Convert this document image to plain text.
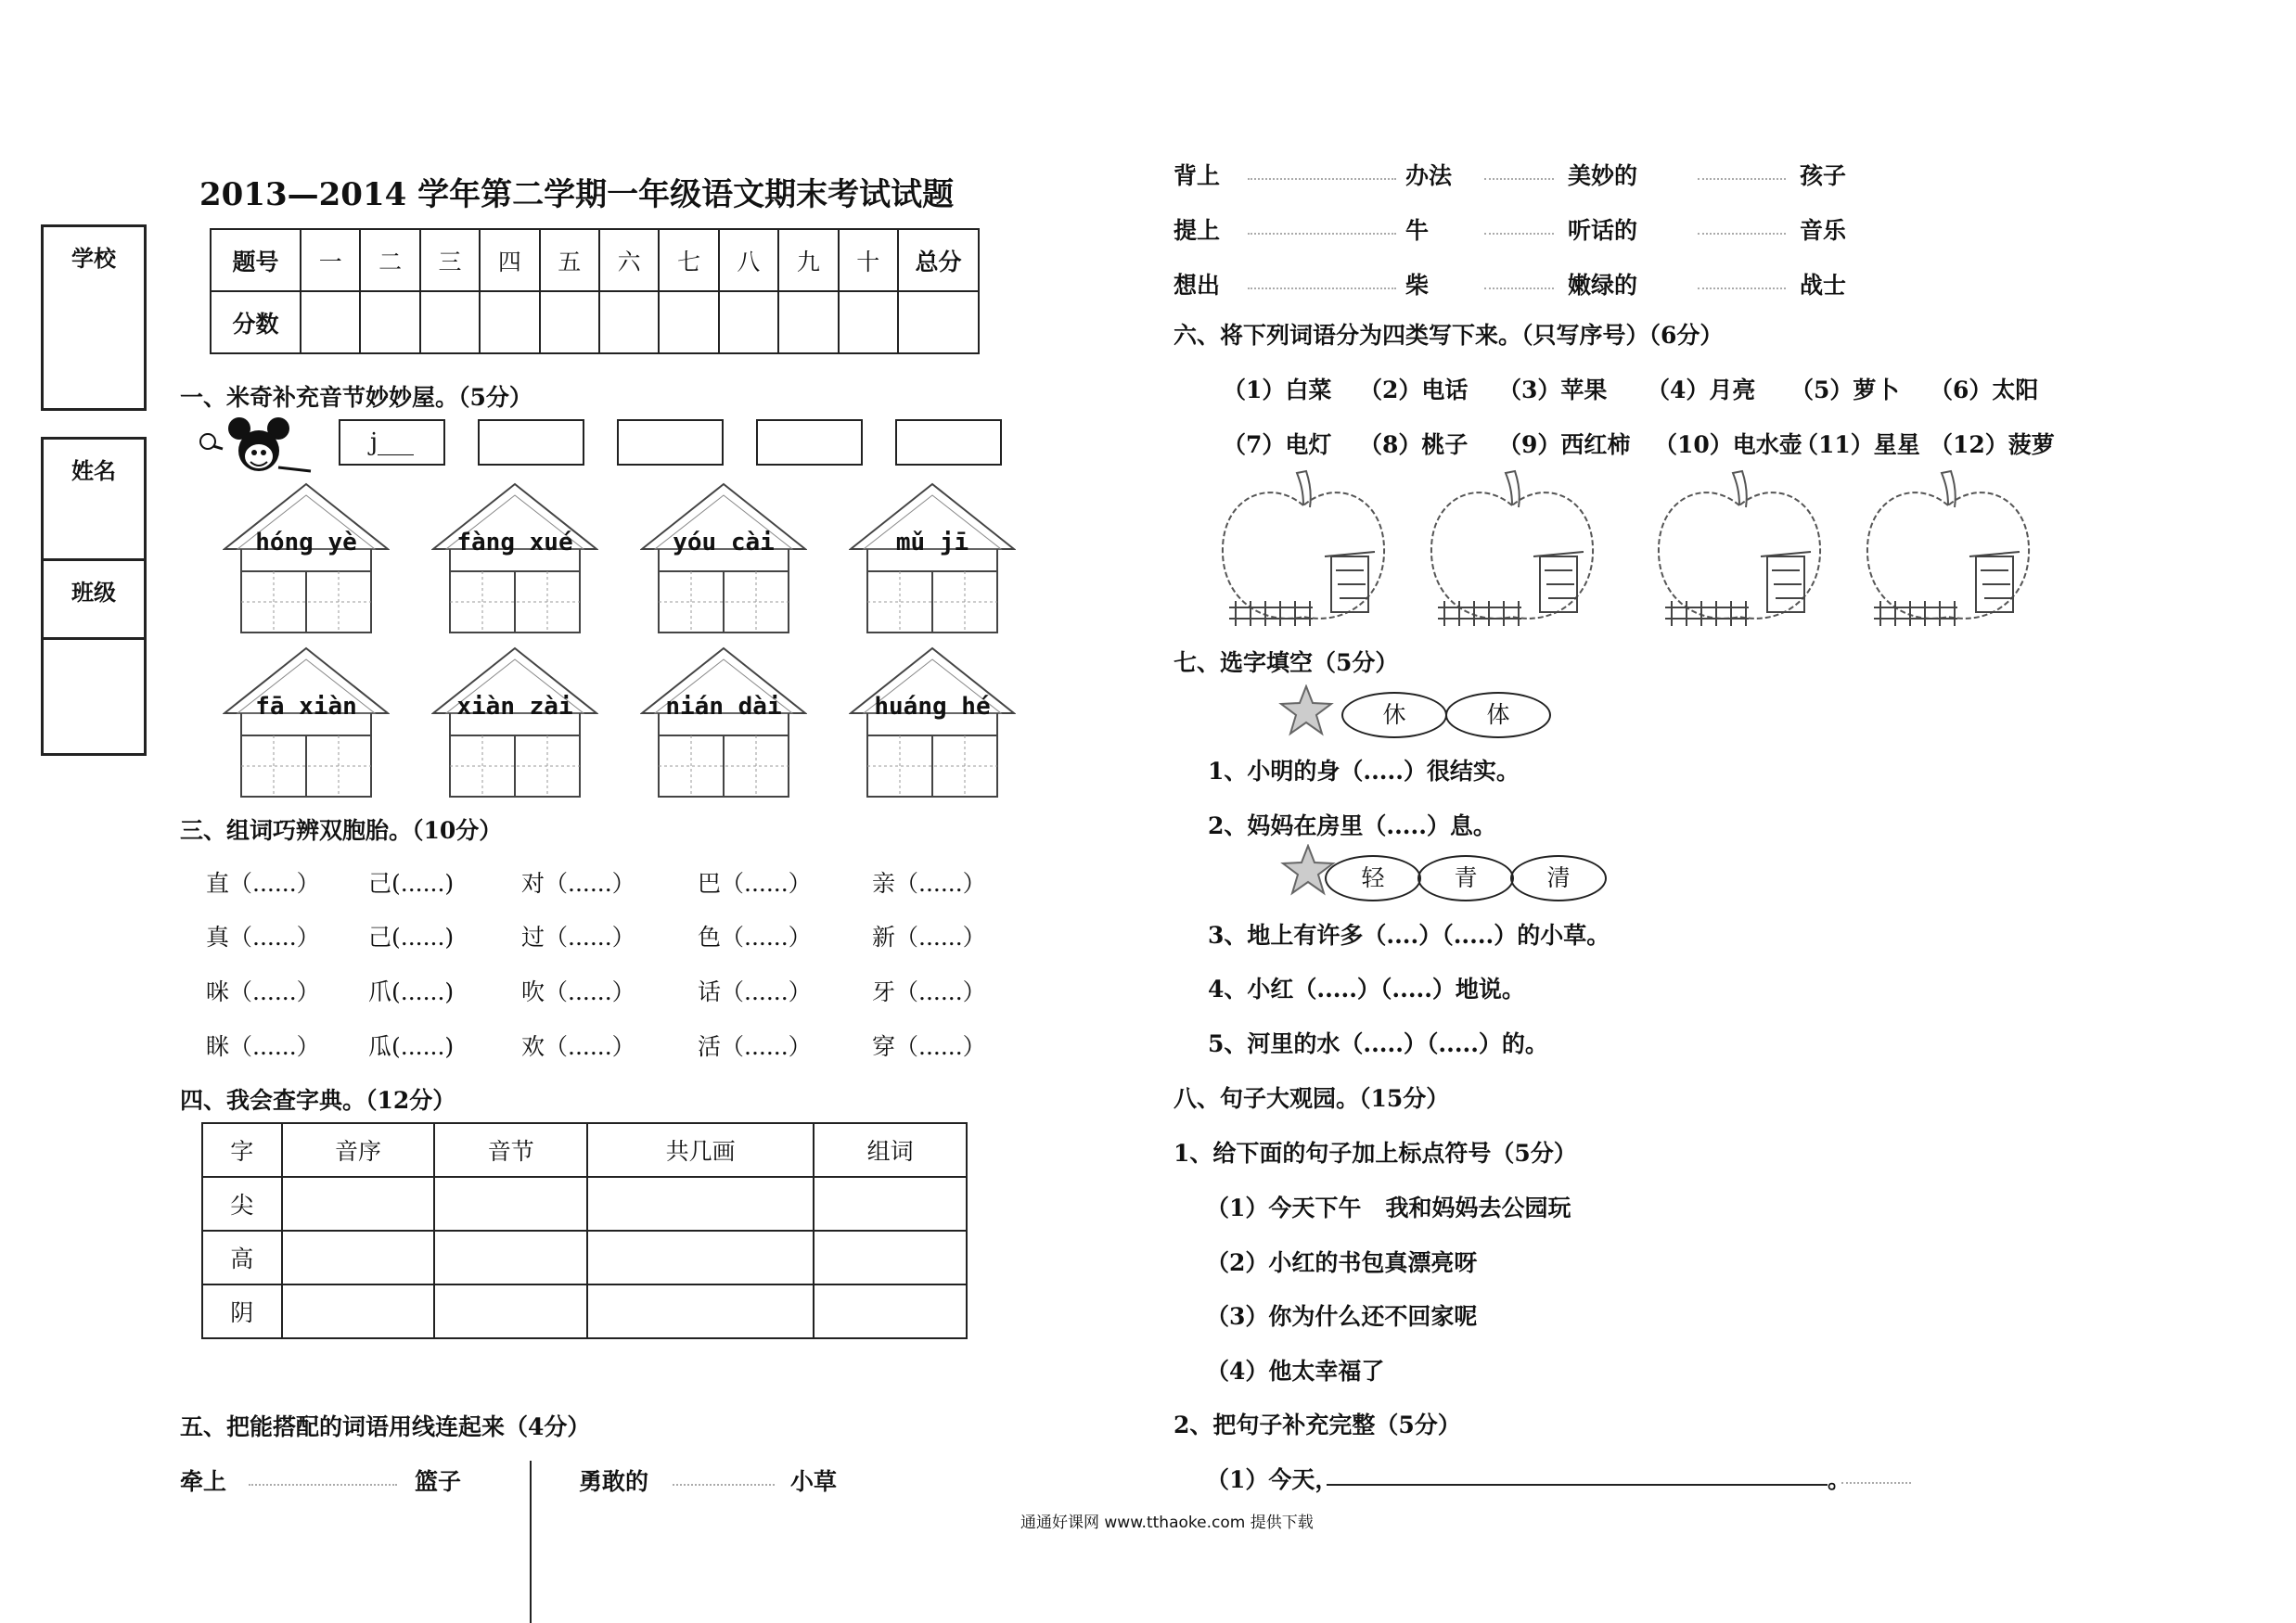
2013—2014 学年第二学期一年级语文期末考试试题
学校
姓名
班级
题号	一	二	三	四	五	六	七	八	九	十	总分
分数											
一、米奇补充音节妙妙屋。（5分）
j___
hóng yè	fàng xué	yóu cài	mǔ jī
fā xiàn	xiàn zài	nián dài	huáng hé
三、组词巧辨双胞胎。（10分）
直（......） 己(......)	对（......）	巴（......）	亲（......）
真（......） 己(......)	过（......）	色（......）	新（......）
咪（......） 爪(......)	吹（......）	话（......）	牙（......）
眯（......） 瓜(......)	欢（......）	活（......）	穿（......）
四、我会查字典。（12分）
字	音序	音节	共几画	组词
尖				
高				
阴				
五、把能搭配的词语用线连起来（4分）
牵上	篮子	勇敢的	小草
背上	办法	美妙的	孩子
提上	牛	听话的	音乐
想出	柴	嫩绿的	战士
六、将下列词语分为四类写下来。（只写序号）（6分）
（1）白菜 （2）电话 （3）苹果 （4）月亮 （5）萝卜 （6）太阳
（7）电灯 （8）桃子 （9）西红柿 （10）电水壶
（11）星星 （12）菠萝
七、选字填空（5分）
休	体
1、小明的身（.....）很结实。
2、妈妈在房里（.....）息。
轻	青	清
3、地上有许多（....）（.....）的小草。
4、小红（.....）（.....）地说。
5、河里的水（.....）（.....）的。
八、句子大观园。（15分）
1、给下面的句子加上标点符号（5分）
（1）今天下午   我和妈妈去公园玩
（2）小红的书包真漂亮呀
（3）你为什么还不回家呢
（4）他太幸福了
2、把句子补充完整（5分）
（1）今天，	。
通通好课网 www.tthaoke.com 提供下载
